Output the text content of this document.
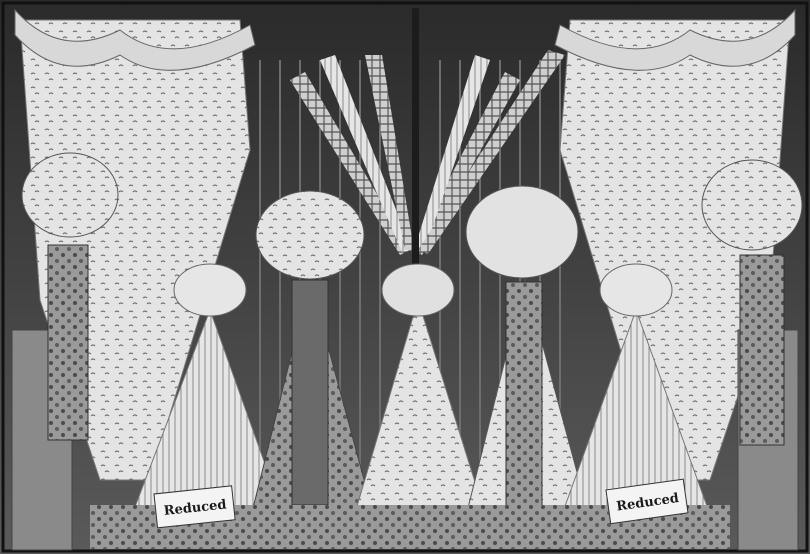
Reduced	Reduced
